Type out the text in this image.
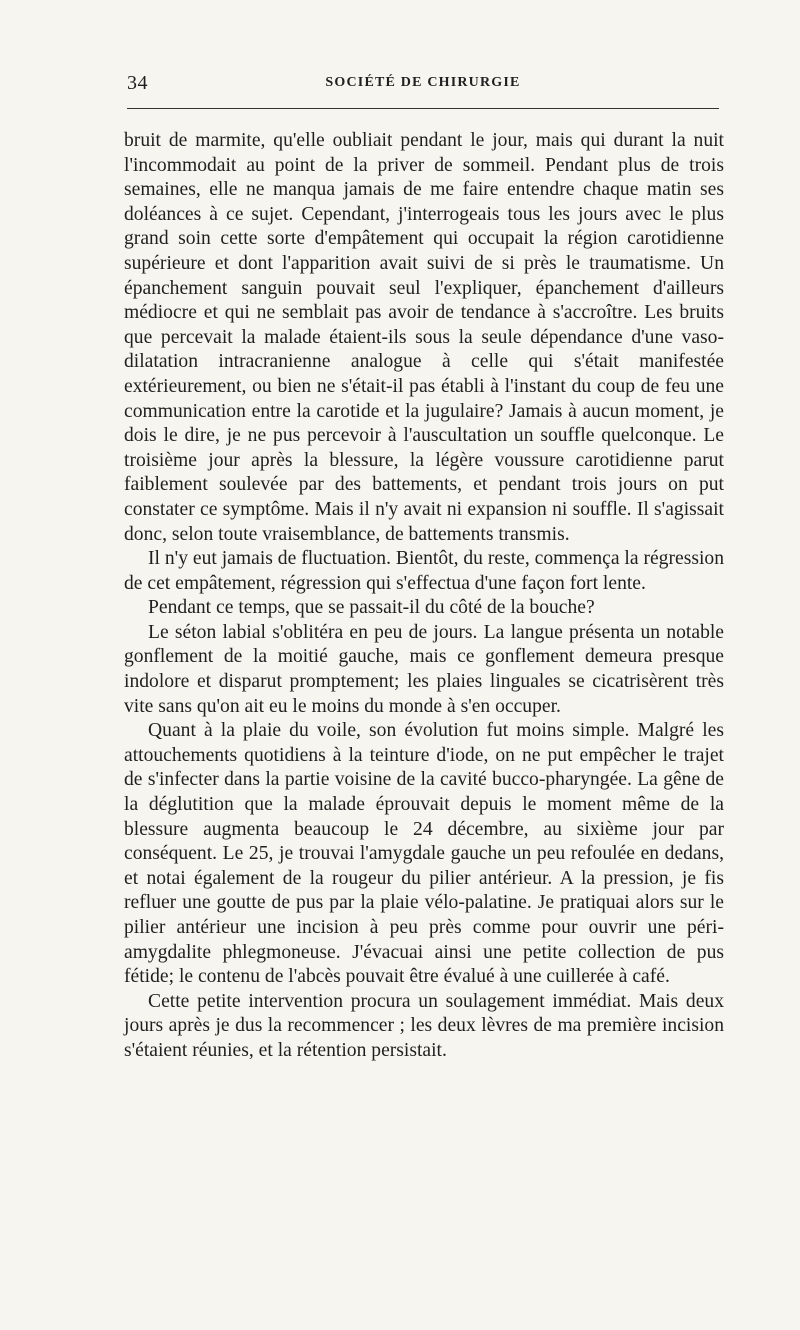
34	SOCIÉTÉ DE CHIRURGIE

bruit de marmite, qu'elle oubliait pendant le jour, mais qui durant la nuit l'incommodait au point de la priver de sommeil. Pendant plus de trois semaines, elle ne manqua jamais de me faire entendre chaque matin ses doléances à ce sujet. Cependant, j'interrogeais tous les jours avec le plus grand soin cette sorte d'empâtement qui occupait la région carotidienne supérieure et dont l'apparition avait suivi de si près le traumatisme. Un épanchement sanguin pouvait seul l'expliquer, épanchement d'ailleurs médiocre et qui ne semblait pas avoir de tendance à s'accroître. Les bruits que percevait la malade étaient-ils sous la seule dépendance d'une vaso-dilatation intracranienne analogue à celle qui s'était manifestée extérieurement, ou bien ne s'était-il pas établi à l'instant du coup de feu une communication entre la carotide et la jugulaire? Jamais à aucun moment, je dois le dire, je ne pus percevoir à l'auscultation un souffle quelconque. Le troisième jour après la blessure, la légère voussure carotidienne parut faiblement soulevée par des battements, et pendant trois jours on put constater ce symptôme. Mais il n'y avait ni expansion ni souffle. Il s'agissait donc, selon toute vraisemblance, de battements transmis.

Il n'y eut jamais de fluctuation. Bientôt, du reste, commença la régression de cet empâtement, régression qui s'effectua d'une façon fort lente.

Pendant ce temps, que se passait-il du côté de la bouche?

Le séton labial s'oblitéra en peu de jours. La langue présenta un notable gonflement de la moitié gauche, mais ce gonflement demeura presque indolore et disparut promptement; les plaies linguales se cicatrisèrent très vite sans qu'on ait eu le moins du monde à s'en occuper.

Quant à la plaie du voile, son évolution fut moins simple. Malgré les attouchements quotidiens à la teinture d'iode, on ne put empêcher le trajet de s'infecter dans la partie voisine de la cavité bucco-pharyngée. La gêne de la déglutition que la malade éprouvait depuis le moment même de la blessure augmenta beaucoup le 24 décembre, au sixième jour par conséquent. Le 25, je trouvai l'amygdale gauche un peu refoulée en dedans, et notai également de la rougeur du pilier antérieur. A la pression, je fis refluer une goutte de pus par la plaie vélo-palatine. Je pratiquai alors sur le pilier antérieur une incision à peu près comme pour ouvrir une péri-amygdalite phlegmoneuse. J'évacuai ainsi une petite collection de pus fétide; le contenu de l'abcès pouvait être évalué à une cuillerée à café.

Cette petite intervention procura un soulagement immédiat. Mais deux jours après je dus la recommencer ; les deux lèvres de ma première incision s'étaient réunies, et la rétention persistait.
